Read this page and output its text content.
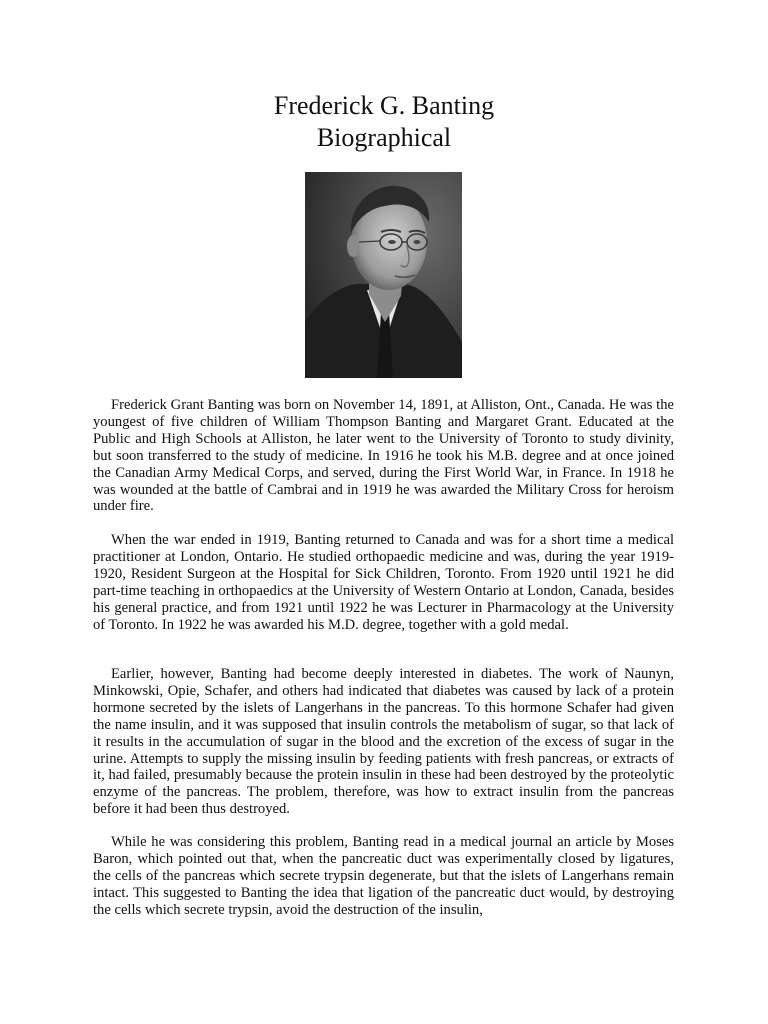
Frederick G. Banting
Biographical

Frederick Grant Banting was born on November 14, 1891, at Alliston, Ont., Canada. He was the youngest of five children of William Thompson Banting and Margaret Grant. Educated at the Public and High Schools at Alliston, he later went to the University of Toronto to study divinity, but soon transferred to the study of medicine. In 1916 he took his M.B. degree and at once joined the Canadian Army Medical Corps, and served, during the First World War, in France. In 1918 he was wounded at the battle of Cambrai and in 1919 he was awarded the Military Cross for heroism under fire.

When the war ended in 1919, Banting returned to Canada and was for a short time a medical practitioner at London, Ontario. He studied orthopaedic medicine and was, during the year 1919-1920, Resident Surgeon at the Hospital for Sick Children, Toronto. From 1920 until 1921 he did part-time teaching in orthopaedics at the University of Western Ontario at London, Canada, besides his general practice, and from 1921 until 1922 he was Lecturer in Pharmacology at the University of Toronto. In 1922 he was awarded his M.D. degree, together with a gold medal.

Earlier, however, Banting had become deeply interested in diabetes. The work of Naunyn, Minkowski, Opie, Schafer, and others had indicated that diabetes was caused by lack of a protein hormone secreted by the islets of Langerhans in the pancreas. To this hormone Schafer had given the name insulin, and it was supposed that insulin controls the metabolism of sugar, so that lack of it results in the accumulation of sugar in the blood and the excretion of the excess of sugar in the urine. Attempts to supply the missing insulin by feeding patients with fresh pancreas, or extracts of it, had failed, presumably because the protein insulin in these had been destroyed by the proteolytic enzyme of the pancreas. The problem, therefore, was how to extract insulin from the pancreas before it had been thus destroyed.

While he was considering this problem, Banting read in a medical journal an article by Moses Baron, which pointed out that, when the pancreatic duct was experimentally closed by ligatures, the cells of the pancreas which secrete trypsin degenerate, but that the islets of Langerhans remain intact. This suggested to Banting the idea that ligation of the pancreatic duct would, by destroying the cells which secrete trypsin, avoid the destruction of the insulin,
